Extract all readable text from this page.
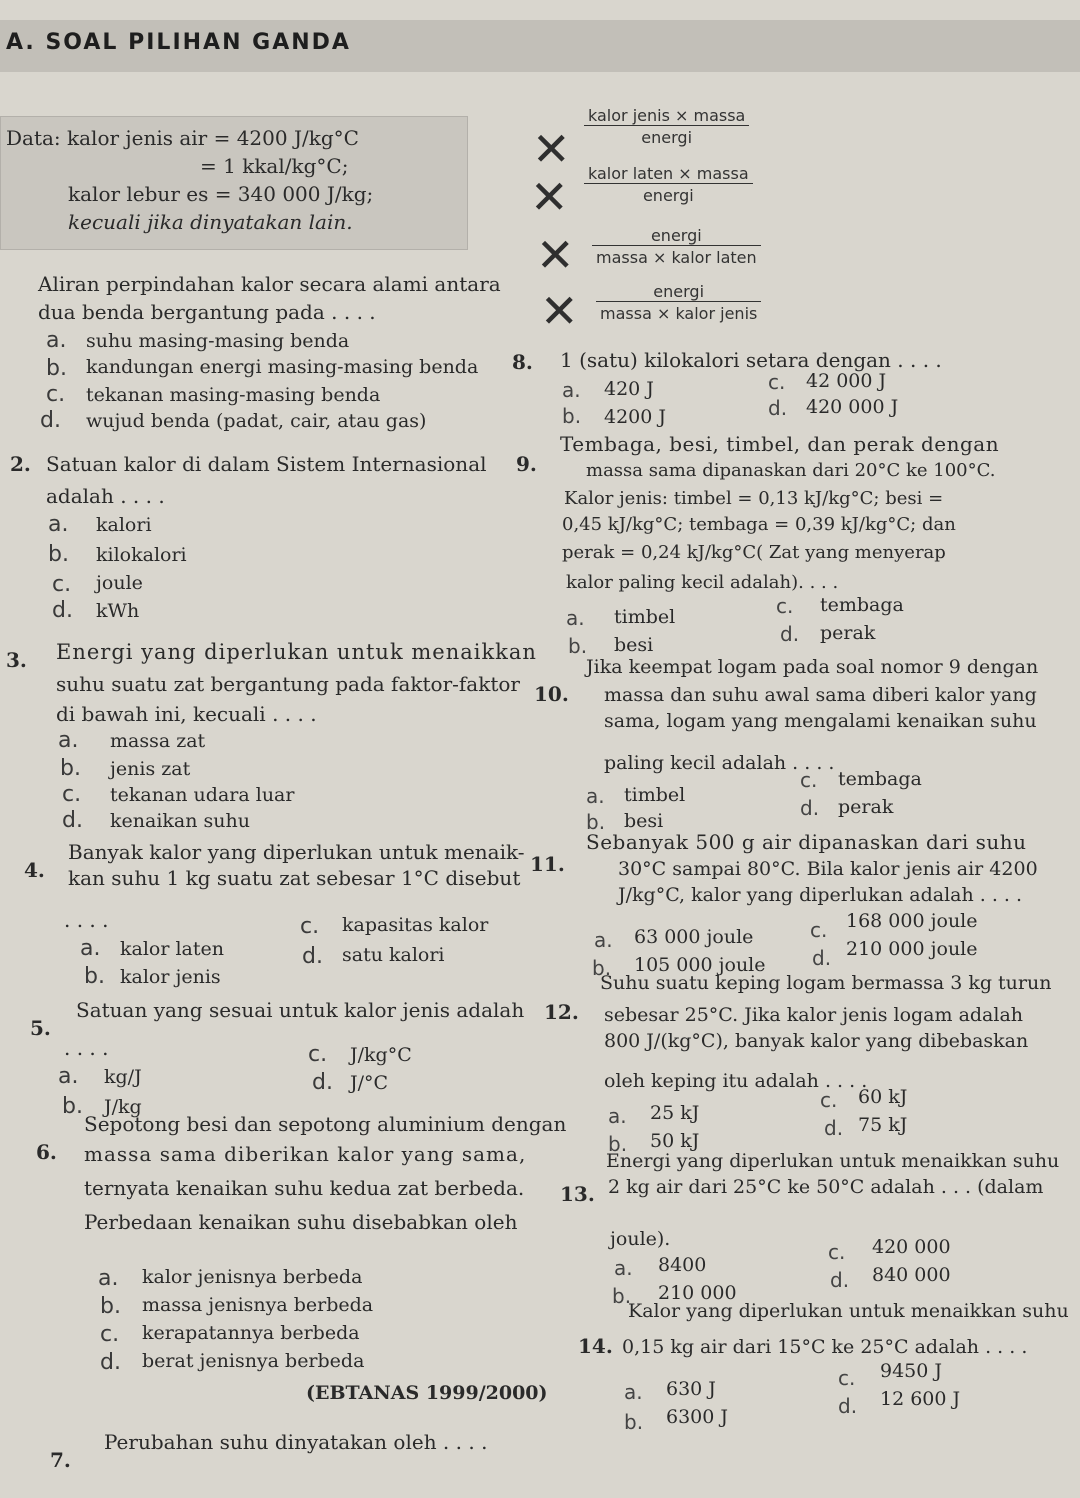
A. SOAL PILIHAN GANDA
Data: kalor jenis air = 4200 J/kg°C
= 1 kkal/kg°C;
kalor lebur es = 340 000 J/kg;
kecuali jika dinyatakan lain.
Aliran perpindahan kalor secara alami antara
dua benda bergantung pada . . . .
a. suhu masing-masing benda
b. kandungan energi masing-masing benda
c. tekanan masing-masing benda
d. wujud benda (padat, cair, atau gas)
2. Satuan kalor di dalam Sistem Internasional
adalah . . . .
a. kalori
b. kilokalori
c. joule
d. kWh
3. Energi yang diperlukan untuk menaikkan
suhu suatu zat bergantung pada faktor-faktor
di bawah ini, kecuali . . . .
a. massa zat
b. jenis zat
c. tekanan udara luar
d. kenaikan suhu
4.
Banyak kalor yang diperlukan untuk menaik-
kan suhu 1 kg suatu zat sebesar 1°C disebut
. . . .
a. kalor laten
b. kalor jenis
c. kapasitas kalor
d. satu kalori
5.
Satuan yang sesuai untuk kalor jenis adalah
. . . .
a. kg/J
b. J/kg
c. J/kg°C
d. J/°C
6.
Sepotong besi dan sepotong aluminium dengan
massa sama diberikan kalor yang sama,
ternyata kenaikan suhu kedua zat berbeda.
Perbedaan kenaikan suhu disebabkan oleh
a. kalor jenisnya berbeda
b. massa jenisnya berbeda
c. kerapatannya berbeda
d. berat jenisnya berbeda
(EBTANAS 1999/2000)
7.
Perubahan suhu dinyatakan oleh . . . .
✕
kalor jenis × massa
energi
✕ kalor laten × massa
energi
✕	energi
massa × kalor laten
✕	energi
massa × kalor jenis
8. 1 (satu) kilokalori setara dengan . . . .
a. 420 J
b. 4200 J
c. 42 000 J
d. 420 000 J
9.
Tembaga, besi, timbel, dan perak dengan
massa sama dipanaskan dari 20°C ke 100°C.
Kalor jenis: timbel = 0,13 kJ/kg°C; besi =
0,45 kJ/kg°C; tembaga = 0,39 kJ/kg°C; dan
perak = 0,24 kJ/kg°C( Zat yang menyerap
kalor paling kecil adalah). . . .
a. timbel
b. besi
c. tembaga
d. perak
10.
Jika keempat logam pada soal nomor 9 dengan
massa dan suhu awal sama diberi kalor yang
sama, logam yang mengalami kenaikan suhu
paling kecil adalah . . . .
a. timbel
b. besi
c. tembaga
d. perak
11.
Sebanyak 500 g air dipanaskan dari suhu
30°C sampai 80°C. Bila kalor jenis air 4200
J/kg°C, kalor yang diperlukan adalah . . . .
a. 63 000 joule
b. 105 000 joule
c. 168 000 joule
d. 210 000 joule
12.
Suhu suatu keping logam bermassa 3 kg turun
sebesar 25°C. Jika kalor jenis logam adalah
800 J/(kg°C), banyak kalor yang dibebaskan
oleh keping itu adalah . . . .
a. 25 kJ
b. 50 kJ
c. 60 kJ
d. 75 kJ
13.
Energi yang diperlukan untuk menaikkan suhu
2 kg air dari 25°C ke 50°C adalah . . . (dalam
joule).
a. 8400
b. 210 000
c. 420 000
d. 840 000
14.
Kalor yang diperlukan untuk menaikkan suhu
0,15 kg air dari 15°C ke 25°C adalah . . . .
a. 630 J
b. 6300 J
c. 9450 J
d. 12 600 J
